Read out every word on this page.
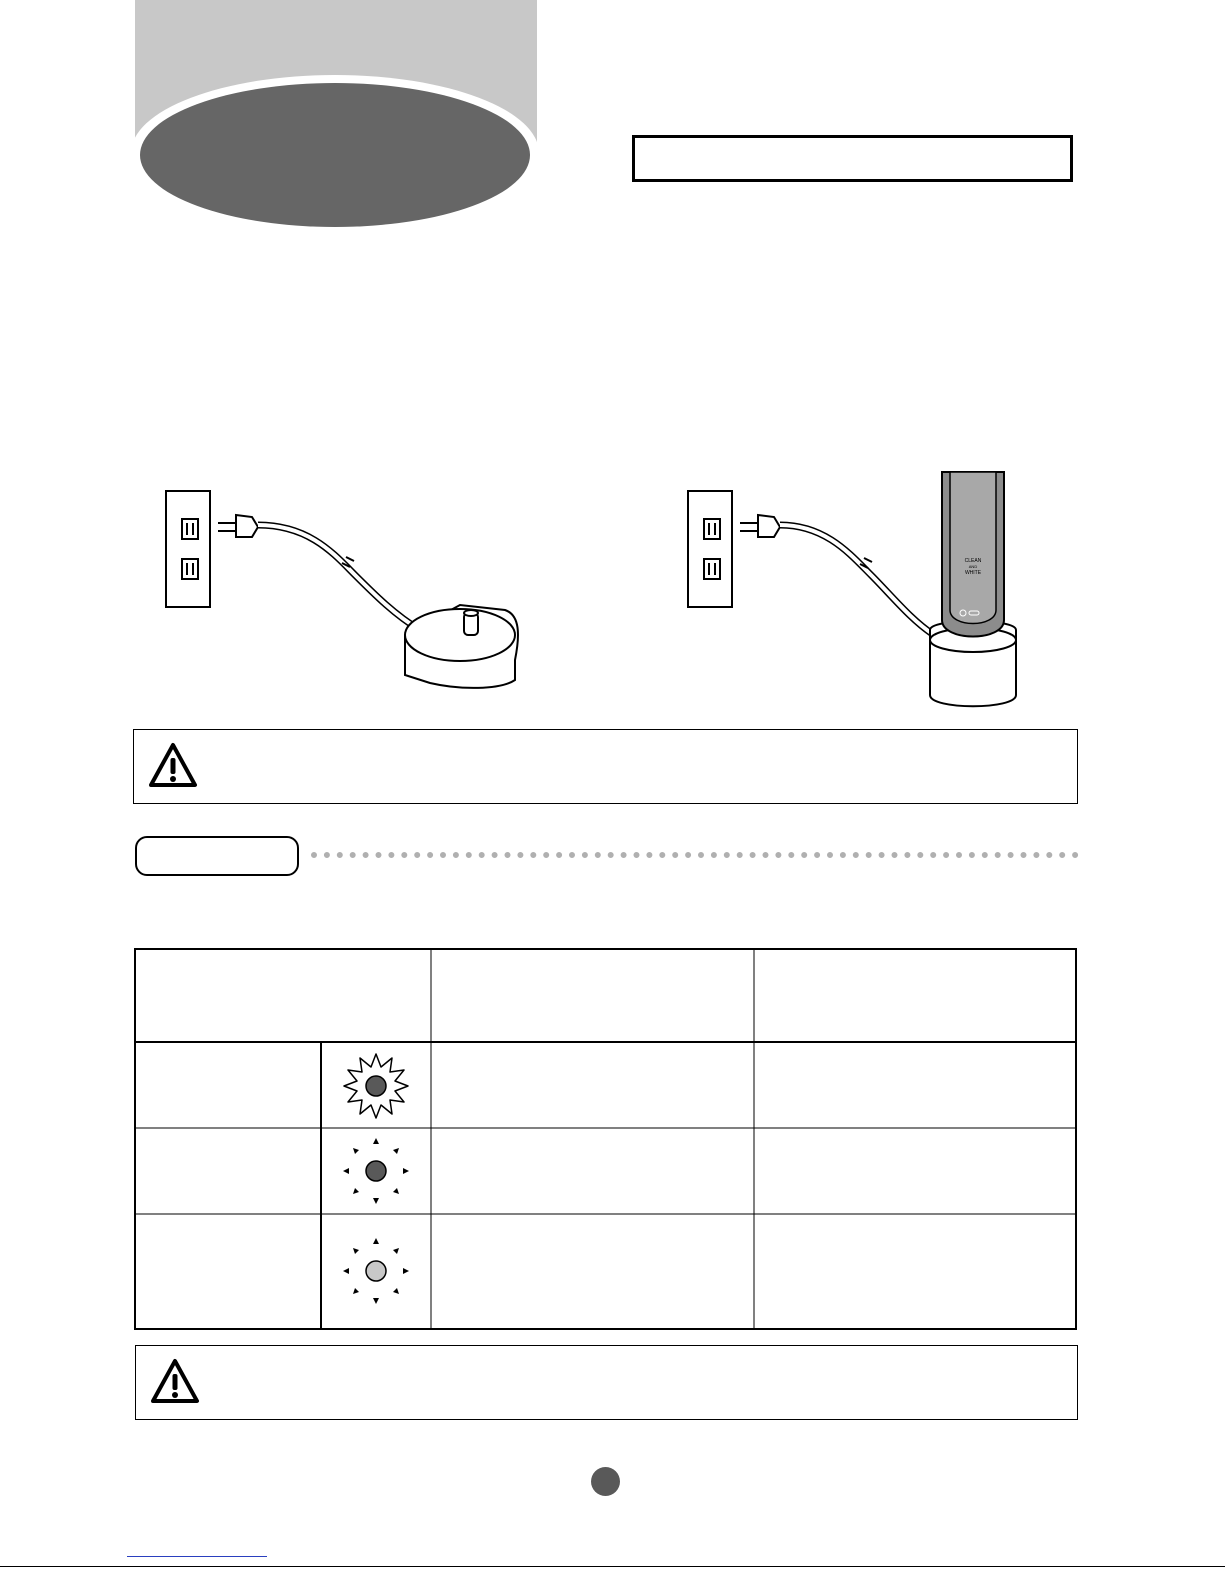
CLEAN
AND
WHITE
